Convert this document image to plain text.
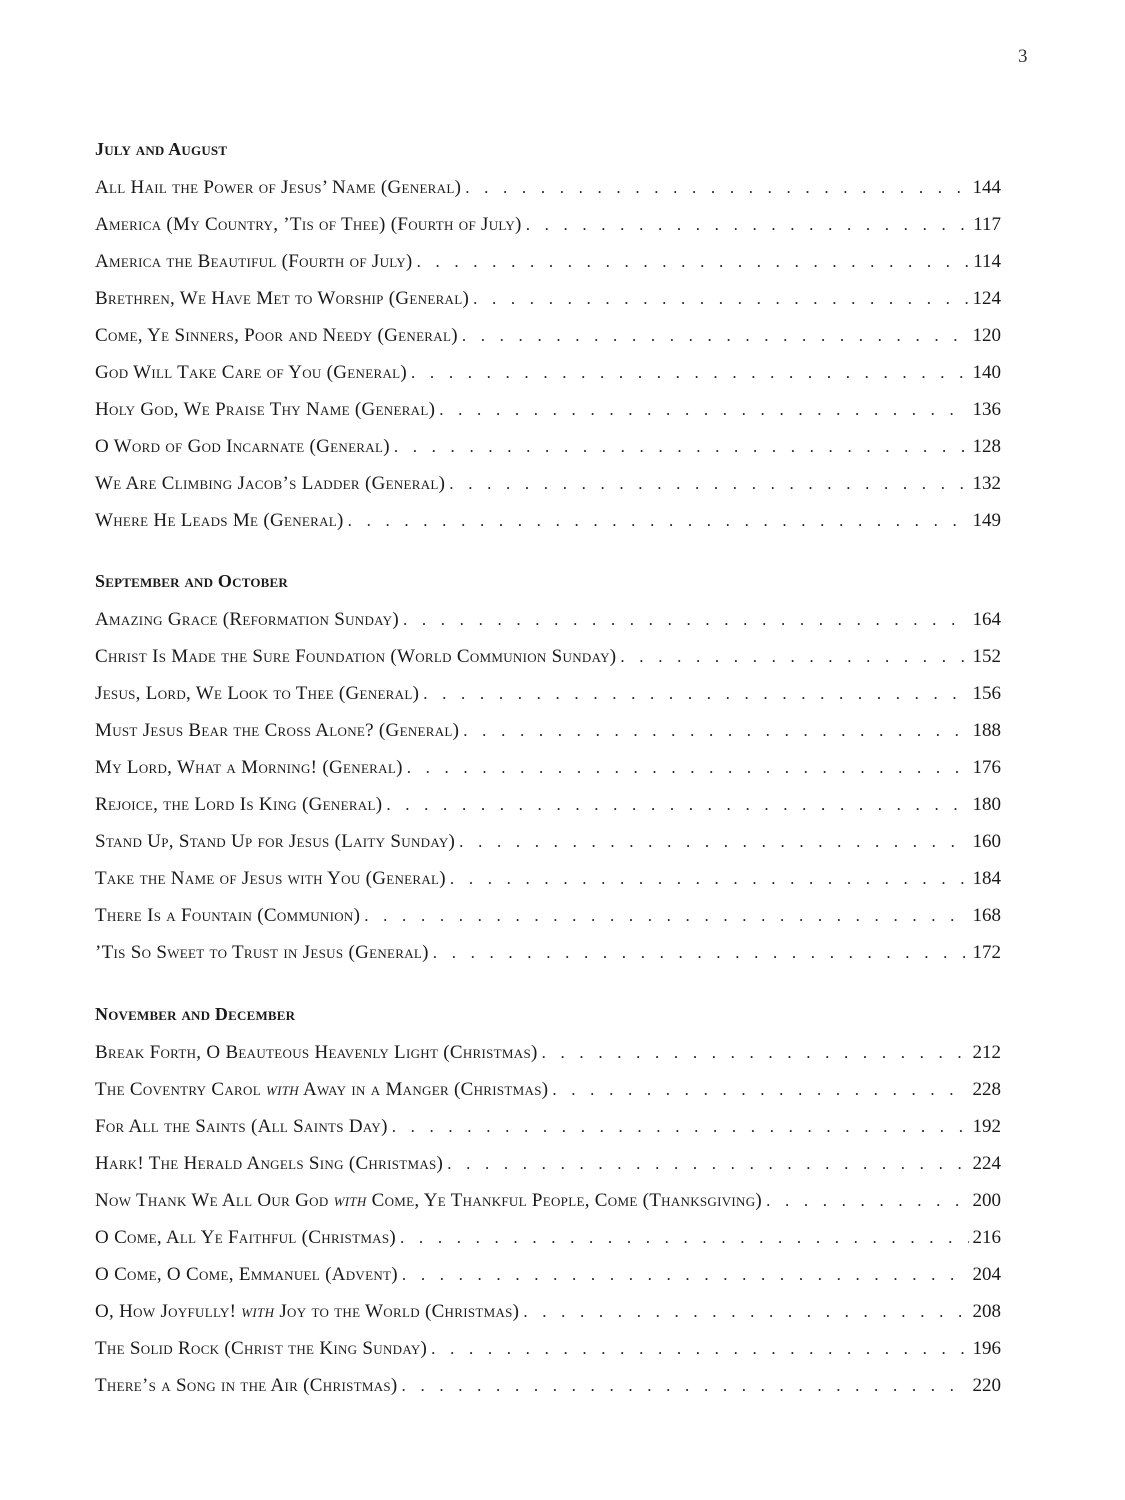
3
July and August
All Hail the Power of Jesus’ Name (General) . . .	144
America (My Country, ’Tis of Thee) (Fourth of July) . . .	117
America the Beautiful (Fourth of July) . . .	114
Brethren, We Have Met to Worship (General) . . .	124
Come, Ye Sinners, Poor and Needy (General) . . .	120
God Will Take Care of You (General) . . .	140
Holy God, We Praise Thy Name (General) . . .	136
O Word of God Incarnate (General) . . .	128
We Are Climbing Jacob’s Ladder (General) . . .	132
Where He Leads Me (General) . . .	149
September and October
Amazing Grace (Reformation Sunday) . . .	164
Christ Is Made the Sure Foundation (World Communion Sunday) . . .	152
Jesus, Lord, We Look to Thee (General) . . .	156
Must Jesus Bear the Cross Alone? (General) . . .	188
My Lord, What a Morning! (General) . . .	176
Rejoice, the Lord Is King (General) . . .	180
Stand Up, Stand Up for Jesus (Laity Sunday) . . .	160
Take the Name of Jesus with You (General) . . .	184
There Is a Fountain (Communion) . . .	168
’Tis So Sweet to Trust in Jesus (General) . . .	172
November and December
Break Forth, O Beauteous Heavenly Light (Christmas) . . .	212
The Coventry Carol with Away in a Manger (Christmas) . . .	228
For All the Saints (All Saints Day) . . .	192
Hark! The Herald Angels Sing (Christmas) . . .	224
Now Thank We All Our God with Come, Ye Thankful People, Come (Thanksgiving) . . .	200
O Come, All Ye Faithful (Christmas) . . .	216
O Come, O Come, Emmanuel (Advent) . . .	204
O, How Joyfully! with Joy to the World (Christmas) . . .	208
The Solid Rock (Christ the King Sunday) . . .	196
There’s a Song in the Air (Christmas) . . .	220
